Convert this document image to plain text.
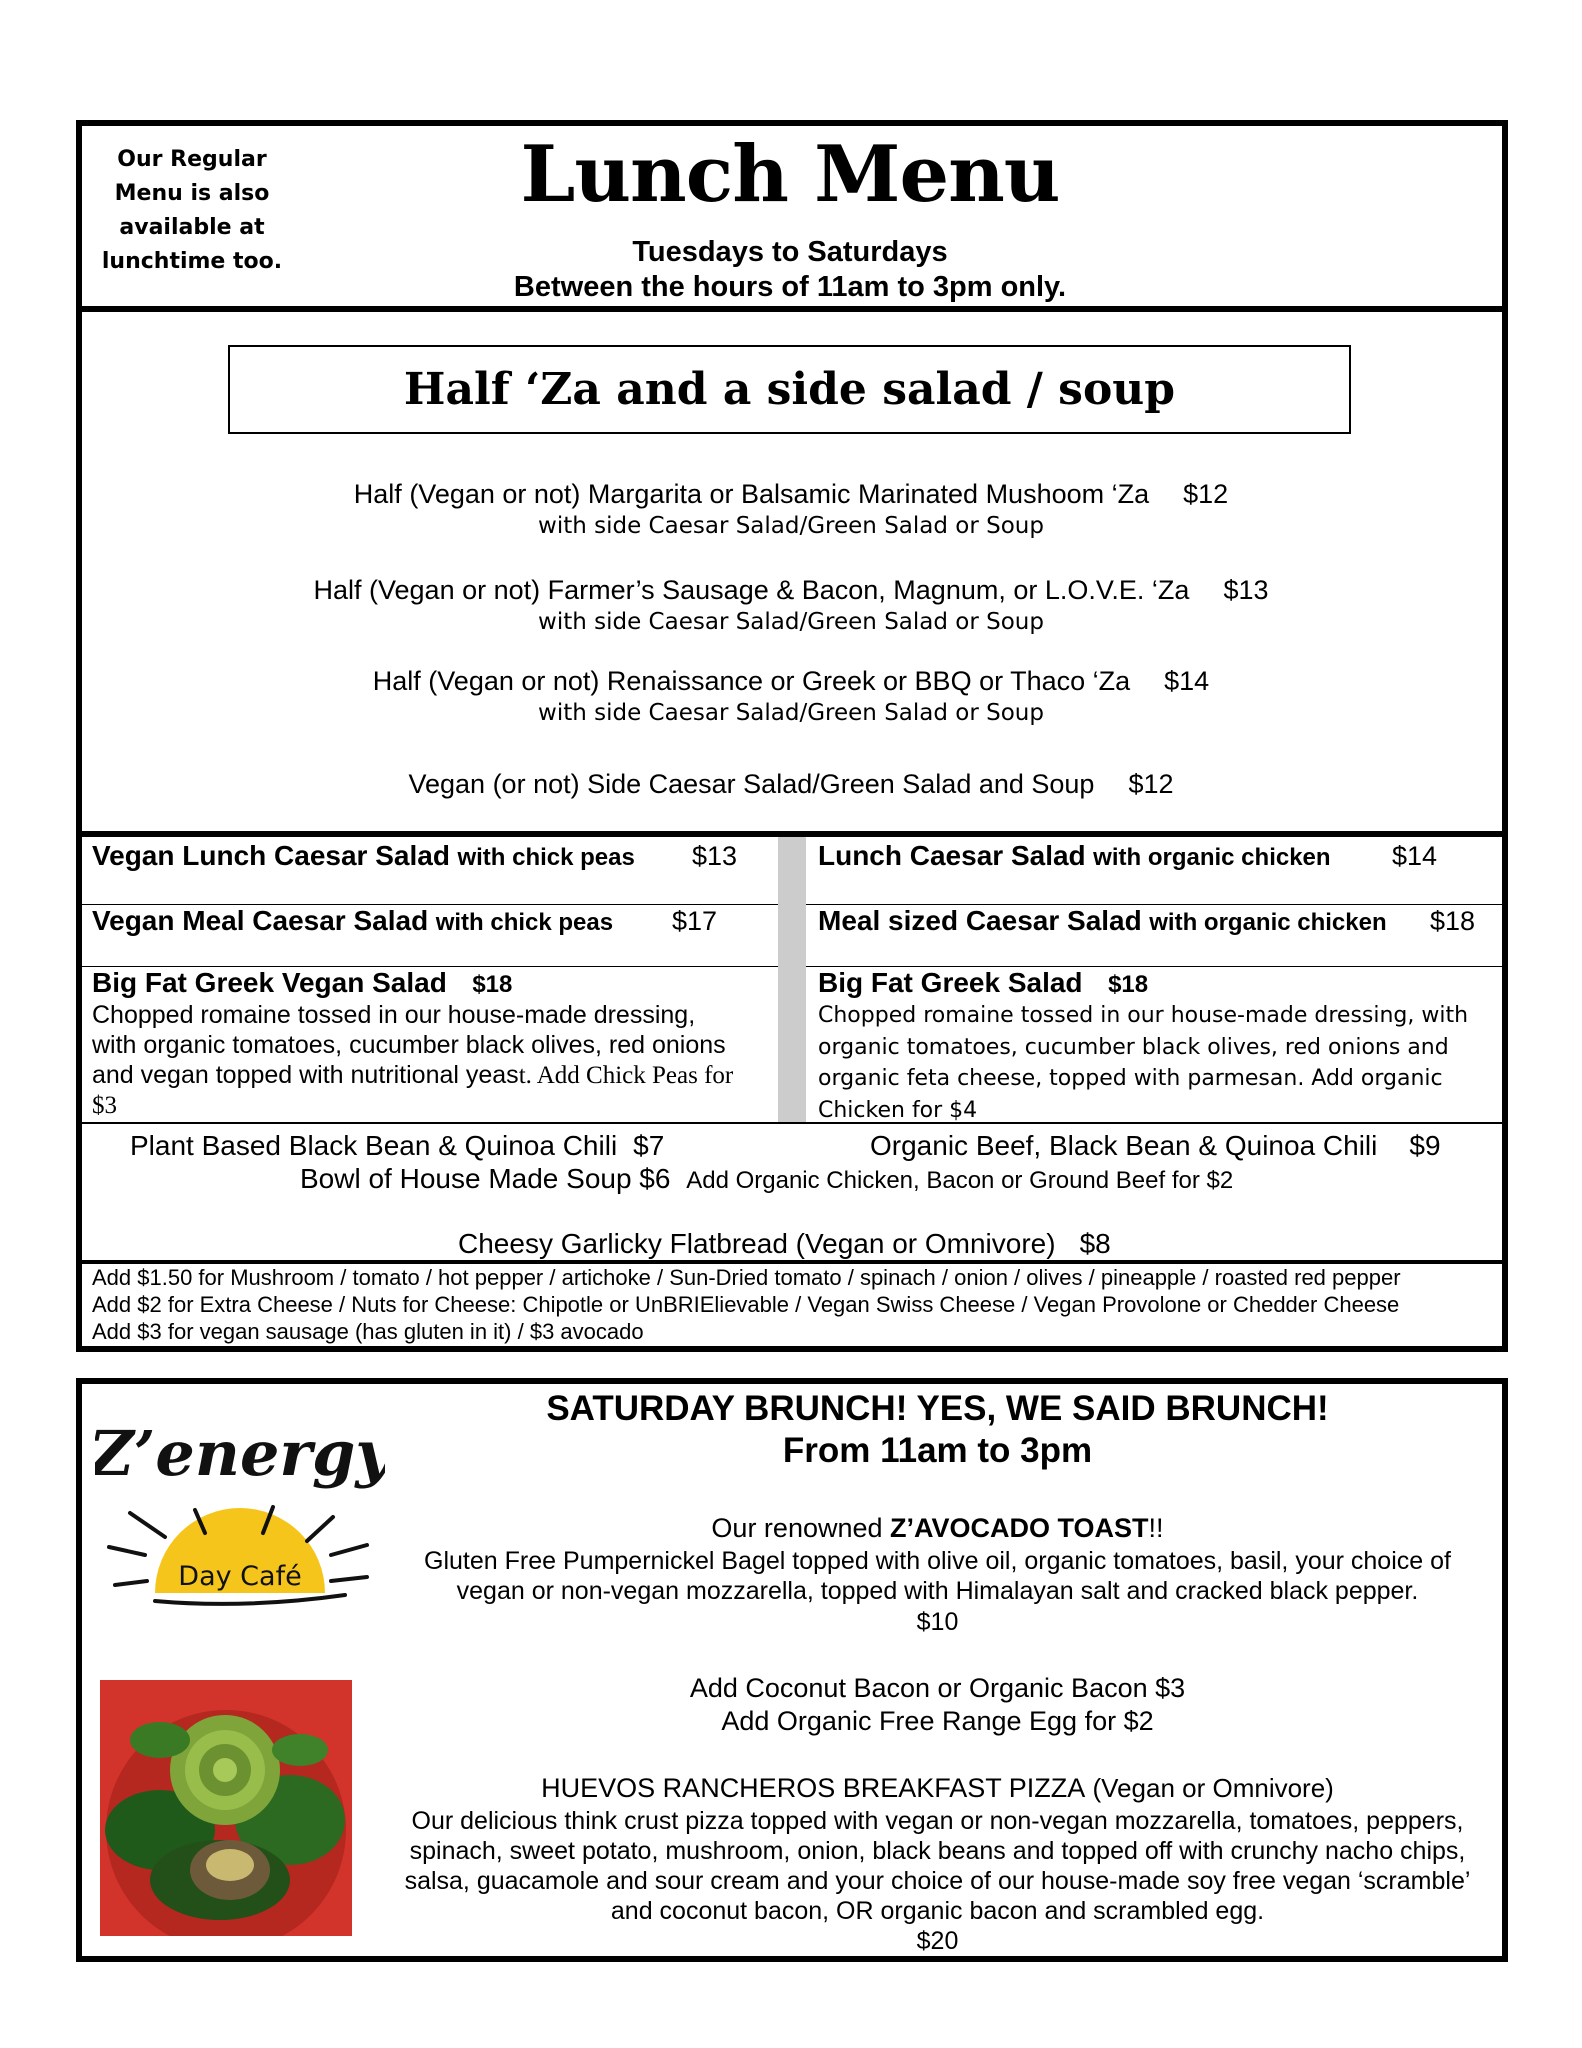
Our Regular
Menu is also
available at
lunchtime too.
Lunch Menu
Tuesdays to Saturdays
Between the hours of 11am to 3pm only.
Half ‘Za and a side salad / soup
Half (Vegan or not) Margarita or Balsamic Marinated Mushoom ‘Za $12
with side Caesar Salad/Green Salad or Soup
Half (Vegan or not) Farmer’s Sausage & Bacon, Magnum, or L.O.V.E. ‘Za $13
with side Caesar Salad/Green Salad or Soup
Half (Vegan or not) Renaissance or Greek or BBQ or Thaco ‘Za $14
with side Caesar Salad/Green Salad or Soup
Vegan (or not) Side Caesar Salad/Green Salad and Soup $12
Vegan Lunch Caesar Salad with chick peas $13
Vegan Meal Caesar Salad with chick peas $17
Big Fat Greek Vegan Salad $18
Chopped romaine tossed in our house-made dressing,
with organic tomatoes, cucumber black olives, red onions
and vegan topped with nutritional yeast. Add Chick Peas for
$3
Lunch Caesar Salad with organic chicken $14
Meal sized Caesar Salad with organic chicken $18
Big Fat Greek Salad $18
Chopped romaine tossed in our house-made dressing, with
organic tomatoes, cucumber black olives, red onions and
organic feta cheese, topped with parmesan. Add organic
Chicken for $4
Plant Based Black Bean & Quinoa Chili $7	Organic Beef, Black Bean & Quinoa Chili $9
Bowl of House Made Soup $6 Add Organic Chicken, Bacon or Ground Beef for $2
Cheesy Garlicky Flatbread (Vegan or Omnivore) $8
Add $1.50 for Mushroom / tomato / hot pepper / artichoke / Sun-Dried tomato / spinach / onion / olives / pineapple / roasted red pepper
Add $2 for Extra Cheese / Nuts for Cheese: Chipotle or UnBRIElievable / Vegan Swiss Cheese / Vegan Provolone or Chedder Cheese
Add $3 for vegan sausage (has gluten in it) / $3 avocado
Z’energy
Day Café
SATURDAY BRUNCH! YES, WE SAID BRUNCH!
From 11am to 3pm
Our renowned Z’AVOCADO TOAST!!
Gluten Free Pumpernickel Bagel topped with olive oil, organic tomatoes, basil, your choice of
vegan or non-vegan mozzarella, topped with Himalayan salt and cracked black pepper.
$10
Add Coconut Bacon or Organic Bacon $3
Add Organic Free Range Egg for $2
HUEVOS RANCHEROS BREAKFAST PIZZA (Vegan or Omnivore)
Our delicious think crust pizza topped with vegan or non-vegan mozzarella, tomatoes, peppers,
spinach, sweet potato, mushroom, onion, black beans and topped off with crunchy nacho chips,
salsa, guacamole and sour cream and your choice of our house-made soy free vegan ‘scramble’
and coconut bacon, OR organic bacon and scrambled egg.
$20
